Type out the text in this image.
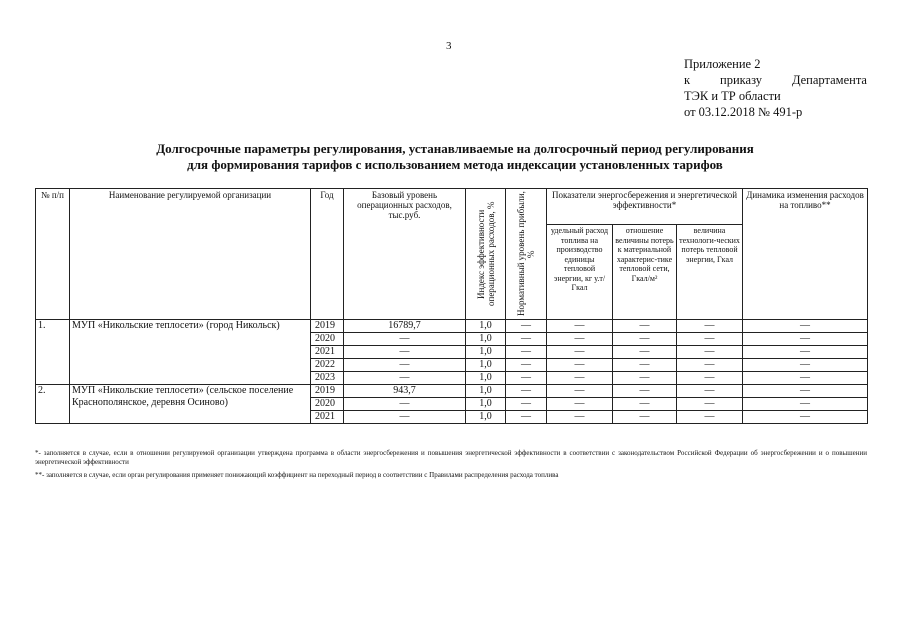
3
Приложение 2
к приказу Департамента
ТЭК и ТР области
от 03.12.2018 № 491-р
Долгосрочные параметры регулирования, устанавливаемые на долгосрочный период регулирования
для формирования тарифов с использованием метода индексации установленных тарифов
№ п/п	Наименование регулируемой организации	Год	Базовый уровень операционных расходов, тыс.руб.	Индекс эффективности операционных расходов, %	Нормативный уровень прибыли, %	Показатели энергосбережения и энергетической эффективности*			Динамика изменения расходов на топливо**
						удельный расход топлива на производство единицы тепловой энергии, кг у.т/Гкал	отношение величины потерь к материальной характерис-тике тепловой сети, Гкал/м²	величина технологи-ческих потерь тепловой энергии, Гкал	
1.	МУП «Никольские теплосети» (город Никольск)	2019	16789,7	1,0	—	—	—	—	—
		2020	—	1,0	—	—	—	—	—
		2021	—	1,0	—	—	—	—	—
		2022	—	1,0	—	—	—	—	—
		2023	—	1,0	—	—	—	—	—
2.	МУП «Никольские теплосети» (сельское поселение Краснополянское, деревня Осиново)	2019	943,7	1,0	—	—	—	—	—
		2020	—	1,0	—	—	—	—	—
		2021	—	1,0	—	—	—	—	—
*- заполняется в случае, если в отношении регулируемой организации утверждена программа в области энергосбережения и повышения энергетической эффективности в соответствии с законодательством Российской Федерации об энергосбережении и о повышении энергетической эффективности
**- заполняется в случае, если орган регулирования применяет понижающий коэффициент на переходный период в соответствии с Правилами распределения расхода топлива
